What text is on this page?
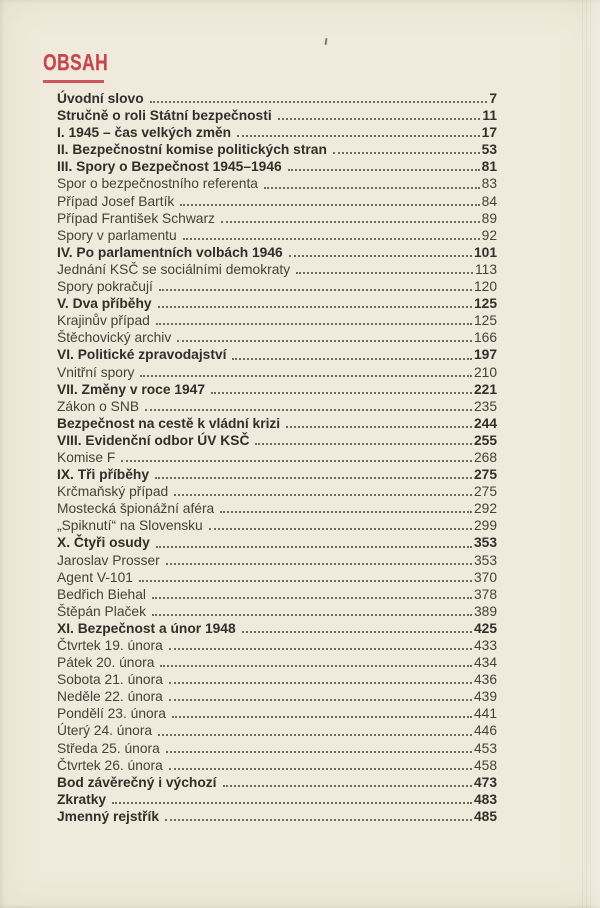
OBSAH
Úvodní slovo	7
Stručně o roli Státní bezpečnosti	11
I. 1945 – čas velkých změn	17
II. Bezpečnostní komise politických stran	53
III. Spory o Bezpečnost 1945–1946	81
Spor o bezpečnostního referenta	83
Případ Josef Bartík	84
Případ František Schwarz	89
Spory v parlamentu	92
IV. Po parlamentních volbách 1946	101
Jednání KSČ se sociálními demokraty	113
Spory pokračují	120
V. Dva příběhy	125
Krajinův případ	125
Štěchovický archiv	166
VI. Politické zpravodajství	197
Vnitřní spory	210
VII. Změny v roce 1947	221
Zákon o SNB	235
Bezpečnost na cestě k vládní krizi	244
VIII. Evidenční odbor ÚV KSČ	255
Komise F	268
IX. Tři příběhy	275
Krčmaňský případ	275
Mostecká špionážní aféra	292
„Spiknutí“ na Slovensku	299
X. Čtyři osudy	353
Jaroslav Prosser	353
Agent V-101	370
Bedřich Biehal	378
Štěpán Plaček	389
XI. Bezpečnost a únor 1948	425
Čtvrtek 19. února	433
Pátek 20. února	434
Sobota 21. února	436
Neděle 22. února	439
Pondělí 23. února	441
Úterý 24. února	446
Středa 25. února	453
Čtvrtek 26. února	458
Bod závěrečný i výchozí	473
Zkratky	483
Jmenný rejstřík	485
